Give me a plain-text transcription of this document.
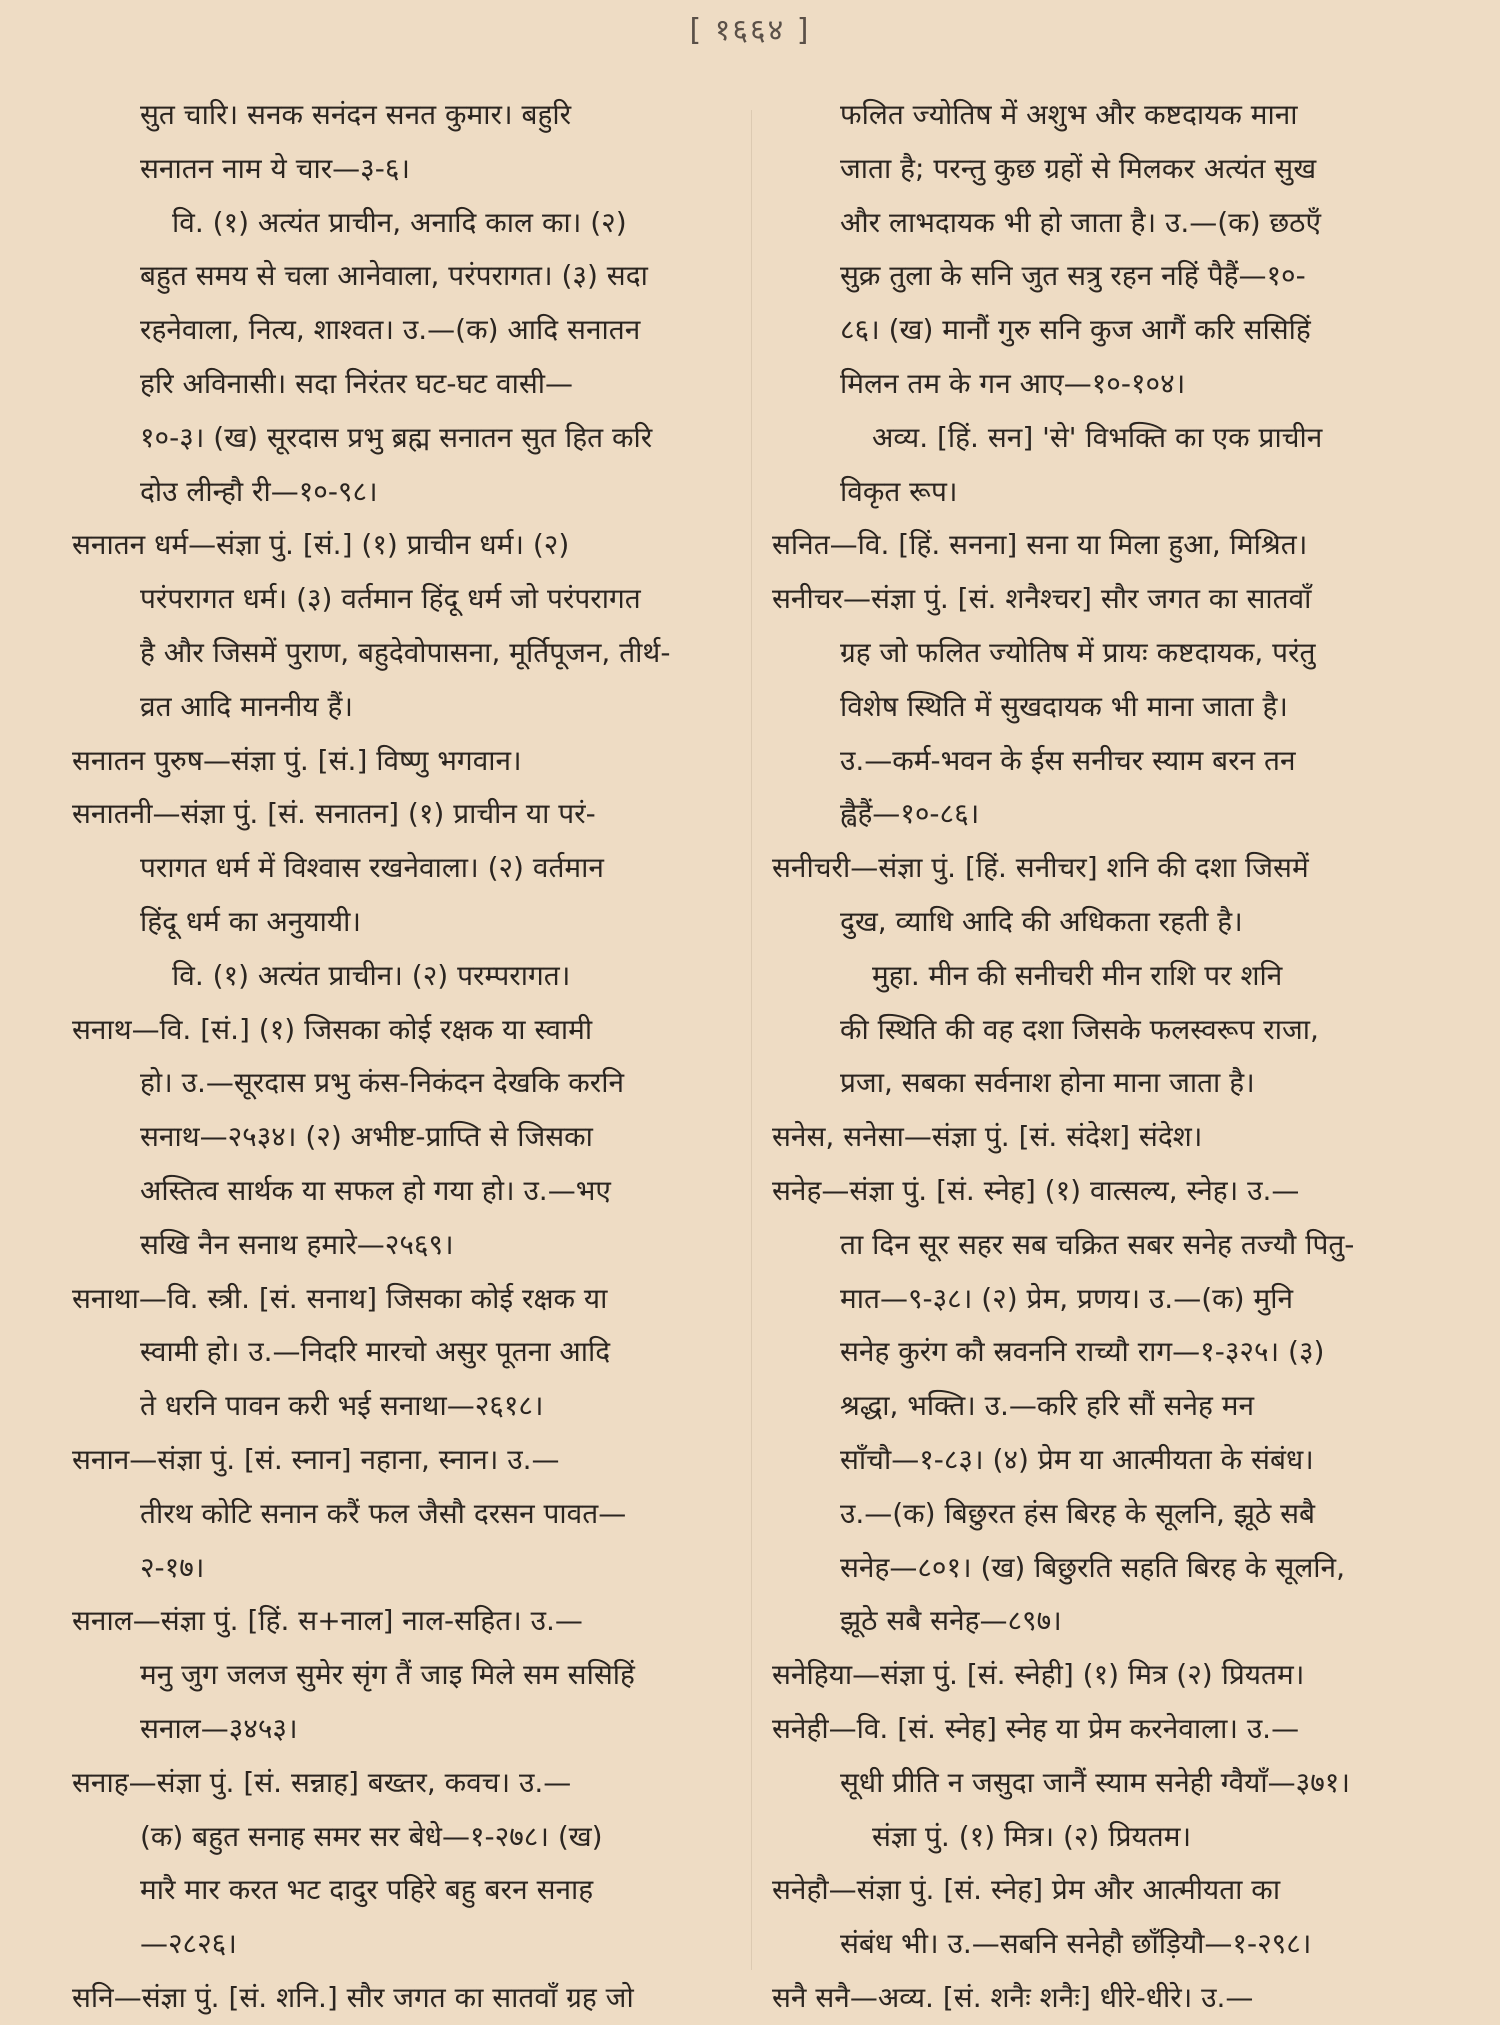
[ १६६४ ]
सुत चारि। सनक सनंदन सनत कुमार। बहुरि
सनातन नाम ये चार—३-६।
वि. (१) अत्यंत प्राचीन, अनादि काल का। (२)
बहुत समय से चला आनेवाला, परंपरागत। (३) सदा
रहनेवाला, नित्य, शाश्वत। उ.—(क) आदि सनातन
हरि अविनासी। सदा निरंतर घट-घट वासी—
१०-३। (ख) सूरदास प्रभु ब्रह्म सनातन सुत हित करि
दोउ लीन्हौ री—१०-९८।
सनातन धर्म—संज्ञा पुं. [सं.] (१) प्राचीन धर्म। (२)
परंपरागत धर्म। (३) वर्तमान हिंदू धर्म जो परंपरागत
है और जिसमें पुराण, बहुदेवोपासना, मूर्तिपूजन, तीर्थ-
व्रत आदि माननीय हैं।
सनातन पुरुष—संज्ञा पुं. [सं.] विष्णु भगवान।
सनातनी—संज्ञा पुं. [सं. सनातन] (१) प्राचीन या परं-
परागत धर्म में विश्वास रखनेवाला। (२) वर्तमान
हिंदू धर्म का अनुयायी।
वि. (१) अत्यंत प्राचीन। (२) परम्परागत।
सनाथ—वि. [सं.] (१) जिसका कोई रक्षक या स्वामी
हो। उ.—सूरदास प्रभु कंस-निकंदन देखकि करनि
सनाथ—२५३४। (२) अभीष्ट-प्राप्ति से जिसका
अस्तित्व सार्थक या सफल हो गया हो। उ.—भए
सखि नैन सनाथ हमारे—२५६९।
सनाथा—वि. स्त्री. [सं. सनाथ] जिसका कोई रक्षक या
स्वामी हो। उ.—निदरि मारचो असुर पूतना आदि
ते धरनि पावन करी भई सनाथा—२६१८।
सनान—संज्ञा पुं. [सं. स्नान] नहाना, स्नान। उ.—
तीरथ कोटि सनान करैं फल जैसौ दरसन पावत—
२-१७।
सनाल—संज्ञा पुं. [हिं. स+नाल] नाल-सहित। उ.—
मनु जुग जलज सुमेर सृंग तैं जाइ मिले सम ससिहिं
सनाल—३४५३।
सनाह—संज्ञा पुं. [सं. सन्नाह] बख्तर, कवच। उ.—
(क) बहुत सनाह समर सर बेधे—१-२७८। (ख)
मारै मार करत भट दादुर पहिरे बहु बरन सनाह
—२८२६।
सनि—संज्ञा पुं. [सं. शनि.] सौर जगत का सातवाँ ग्रह जो
फलित ज्योतिष में अशुभ और कष्टदायक माना
जाता है; परन्तु कुछ ग्रहों से मिलकर अत्यंत सुख
और लाभदायक भी हो जाता है। उ.—(क) छठएँ
सुक्र तुला के सनि जुत सत्रु रहन नहिं पैहैं—१०-
८६। (ख) मानौं गुरु सनि कुज आगैं करि ससिहिं
मिलन तम के गन आए—१०-१०४।
अव्य. [हिं. सन] 'से' विभक्ति का एक प्राचीन
विकृत रूप।
सनित—वि. [हिं. सनना] सना या मिला हुआ, मिश्रित।
सनीचर—संज्ञा पुं. [सं. शनैश्चर] सौर जगत का सातवाँ
ग्रह जो फलित ज्योतिष में प्रायः कष्टदायक, परंतु
विशेष स्थिति में सुखदायक भी माना जाता है।
उ.—कर्म-भवन के ईस सनीचर स्याम बरन तन
ह्वैहैं—१०-८६।
सनीचरी—संज्ञा पुं. [हिं. सनीचर] शनि की दशा जिसमें
दुख, व्याधि आदि की अधिकता रहती है।
मुहा. मीन की सनीचरी मीन राशि पर शनि
की स्थिति की वह दशा जिसके फलस्वरूप राजा,
प्रजा, सबका सर्वनाश होना माना जाता है।
सनेस, सनेसा—संज्ञा पुं. [सं. संदेश] संदेश।
सनेह—संज्ञा पुं. [सं. स्नेह] (१) वात्सल्य, स्नेह। उ.—
ता दिन सूर सहर सब चक्रित सबर सनेह तज्यौ पितु-
मात—९-३८। (२) प्रेम, प्रणय। उ.—(क) मुनि
सनेह कुरंग कौ स्रवननि राच्यौ राग—१-३२५। (३)
श्रद्धा, भक्ति। उ.—करि हरि सौं सनेह मन
साँचौ—१-८३। (४) प्रेम या आत्मीयता के संबंध।
उ.—(क) बिछुरत हंस बिरह के सूलनि, झूठे सबै
सनेह—८०१। (ख) बिछुरति सहति बिरह के सूलनि,
झूठे सबै सनेह—८९७।
सनेहिया—संज्ञा पुं. [सं. स्नेही] (१) मित्र (२) प्रियतम।
सनेही—वि. [सं. स्नेह] स्नेह या प्रेम करनेवाला। उ.—
सूधी प्रीति न जसुदा जानैं स्याम सनेही ग्वैयाँ—३७१।
संज्ञा पुं. (१) मित्र। (२) प्रियतम।
सनेहौ—संज्ञा पुं. [सं. स्नेह] प्रेम और आत्मीयता का
संबंध भी। उ.—सबनि सनेहौ छाँड़ियौ—१-२९८।
सनै सनै—अव्य. [सं. शनैः शनैः] धीरे-धीरे। उ.—
